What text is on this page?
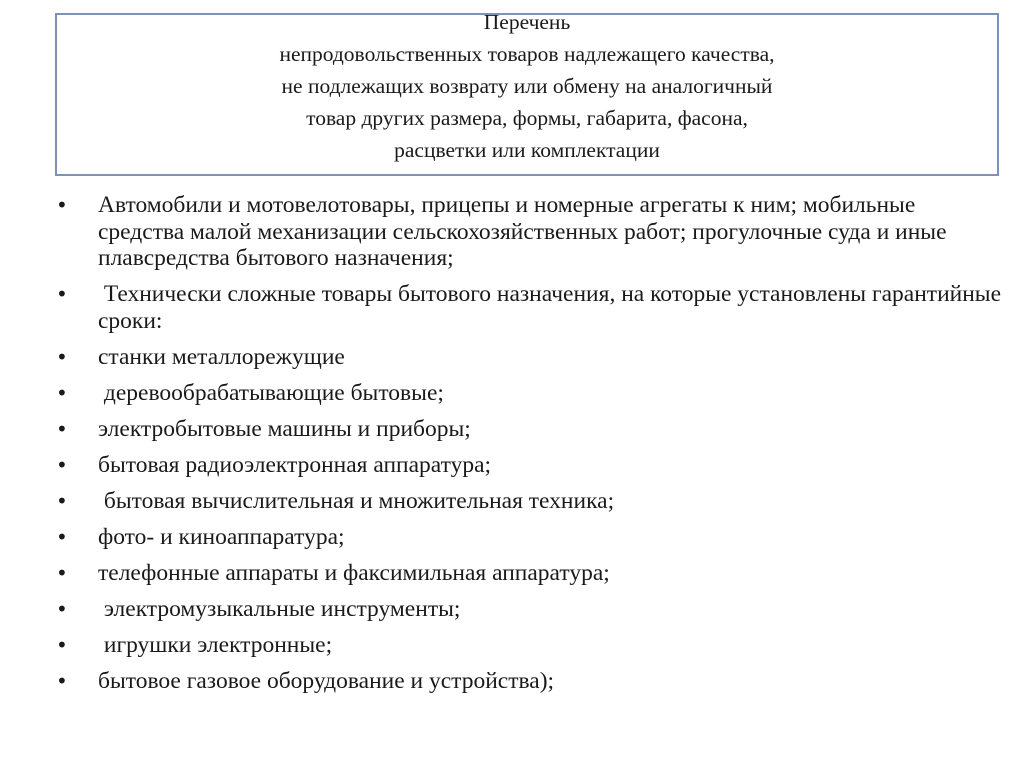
Перечень
непродовольственных товаров надлежащего качества,
не подлежащих возврату или обмену на аналогичный
товар других размера, формы, габарита, фасона,
расцветки или комплектации
• Автомобили и мотовелотовары, прицепы и номерные агрегаты к ним; мобильные средства малой механизации сельскохозяйственных работ; прогулочные суда и иные плавсредства бытового назначения;
• Технически сложные товары бытового назначения, на которые установлены гарантийные сроки:
• станки металлорежущие
• деревообрабатывающие бытовые;
• электробытовые машины и приборы;
• бытовая радиоэлектронная аппаратура;
• бытовая вычислительная и множительная техника;
• фото- и киноаппаратура;
• телефонные аппараты и факсимильная аппаратура;
• электромузыкальные инструменты;
• игрушки электронные;
• бытовое газовое оборудование и устройства);
